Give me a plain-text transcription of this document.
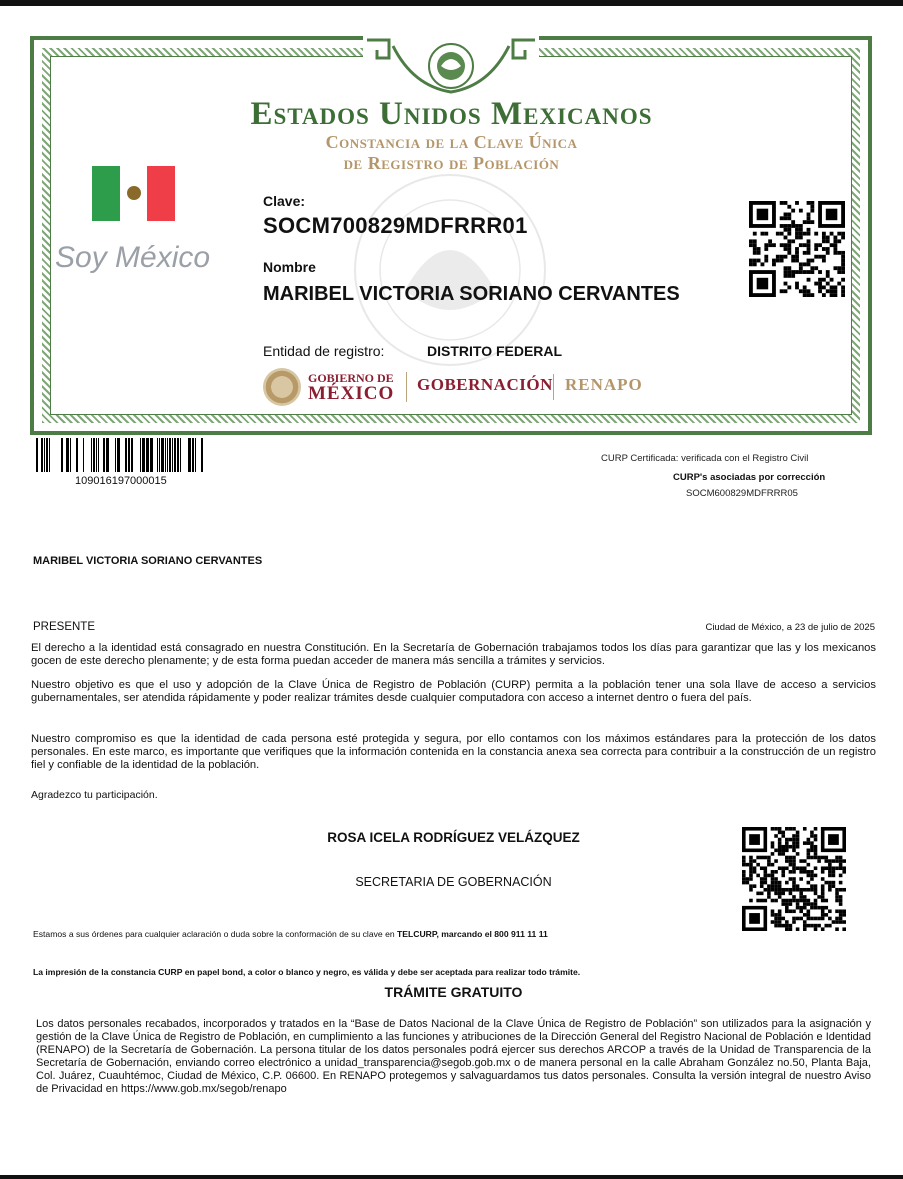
Estados Unidos Mexicanos
Constancia de la Clave Única
de Registro de Población
Soy México
Clave:
SOCM700829MDFRRR01
Nombre
MARIBEL VICTORIA SORIANO CERVANTES
Entidad de registro:	DISTRITO FEDERAL
GOBIERNO DE
MÉXICO GOBERNACIÓN RENAPO
109016197000015
CURP Certificada: verificada con el Registro Civil
CURP's asociadas por corrección
SOCM600829MDFRRR05
MARIBEL VICTORIA SORIANO CERVANTES
PRESENTE	Ciudad de México, a 23 de julio de 2025
El derecho a la identidad está consagrado en nuestra Constitución. En la Secretaría de Gobernación trabajamos todos los días para garantizar que las y los mexicanos gocen de este derecho plenamente; y de esta forma puedan acceder de manera más sencilla a trámites y servicios.
Nuestro objetivo es que el uso y adopción de la Clave Única de Registro de Población (CURP) permita a la población tener una sola llave de acceso a servicios gubernamentales, ser atendida rápidamente y poder realizar trámites desde cualquier computadora con acceso a internet dentro o fuera del país.
Nuestro compromiso es que la identidad de cada persona esté protegida y segura, por ello contamos con los máximos estándares para la protección de los datos personales. En este marco, es importante que verifiques que la información contenida en la constancia anexa sea correcta para contribuir a la construcción de un registro fiel y confiable de la identidad de la población.
Agradezco tu participación.
ROSA ICELA RODRÍGUEZ VELÁZQUEZ
SECRETARIA DE GOBERNACIÓN
Estamos a sus órdenes para cualquier aclaración o duda sobre la conformación de su clave en TELCURP, marcando el 800 911 11 11
La impresión de la constancia CURP en papel bond, a color o blanco y negro, es válida y debe ser aceptada para realizar todo trámite.
TRÁMITE GRATUITO
Los datos personales recabados, incorporados y tratados en la “Base de Datos Nacional de la Clave Única de Registro de Población” son utilizados para la asignación y gestión de la Clave Única de Registro de Población, en cumplimiento a las funciones y atribuciones de la Dirección General del Registro Nacional de Población e Identidad (RENAPO) de la Secretaría de Gobernación. La persona titular de los datos personales podrá ejercer sus derechos ARCOP a través de la Unidad de Transparencia de la Secretaría de Gobernación, enviando correo electrónico a unidad_transparencia@segob.gob.mx o de manera personal en la calle Abraham González no.50, Planta Baja, Col. Juárez, Cuauhtémoc, Ciudad de México, C.P. 06600. En RENAPO protegemos y salvaguardamos tus datos personales. Consulta la versión integral de nuestro Aviso de Privacidad en https://www.gob.mx/segob/renapo
